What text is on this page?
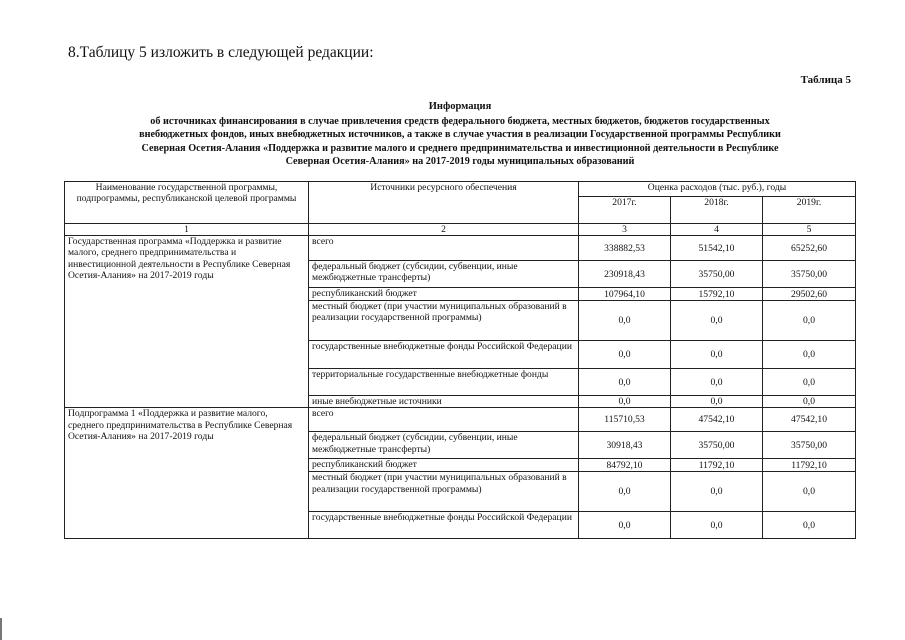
8.Таблицу 5 изложить в следующей редакции:
Таблица 5
Информация
об источниках финансирования в случае привлечения средств федерального бюджета, местных бюджетов, бюджетов государственных
внебюджетных фондов, иных внебюджетных источников, а также в случае участия в реализации Государственной программы Республики
Северная Осетия-Алания «Поддержка и развитие малого и среднего предпринимательства и инвестиционной деятельности в Республике
Северная Осетия-Алания» на 2017-2019 годы муниципальных образований
Наименование государственной программы, подпрограммы, республиканской целевой программы	Источники ресурсного обеспечения	Оценка расходов (тыс. руб.), годы		
		2017г.	2018г.	2019г.
1	2	3	4	5
Государственная программа «Поддержка и развитие малого, среднего предпринимательства и инвестиционной деятельности в Республике Северная Осетия-Алания» на 2017-2019 годы	всего	338882,53	51542,10	65252,60
	федеральный бюджет (субсидии, субвенции, иные межбюджетные трансферты)	230918,43	35750,00	35750,00
	республиканский бюджет	107964,10	15792,10	29502,60
	местный бюджет (при участии муниципальных образований в реализации государственной программы)	0,0	0,0	0,0
	государственные внебюджетные фонды Российской Федерации	0,0	0,0	0,0
	территориальные государственные внебюджетные фонды	0,0	0,0	0,0
	иные внебюджетные источники	0,0	0,0	0,0
Подпрограмма 1 «Поддержка и развитие малого, среднего предпринимательства в Республике Северная Осетия-Алания» на 2017-2019 годы	всего	115710,53	47542,10	47542,10
	федеральный бюджет (субсидии, субвенции, иные межбюджетные трансферты)	30918,43	35750,00	35750,00
	республиканский бюджет	84792,10	11792,10	11792,10
	местный бюджет (при участии муниципальных образований в реализации государственной программы)	0,0	0,0	0,0
	государственные внебюджетные фонды Российской Федерации	0,0	0,0	0,0
